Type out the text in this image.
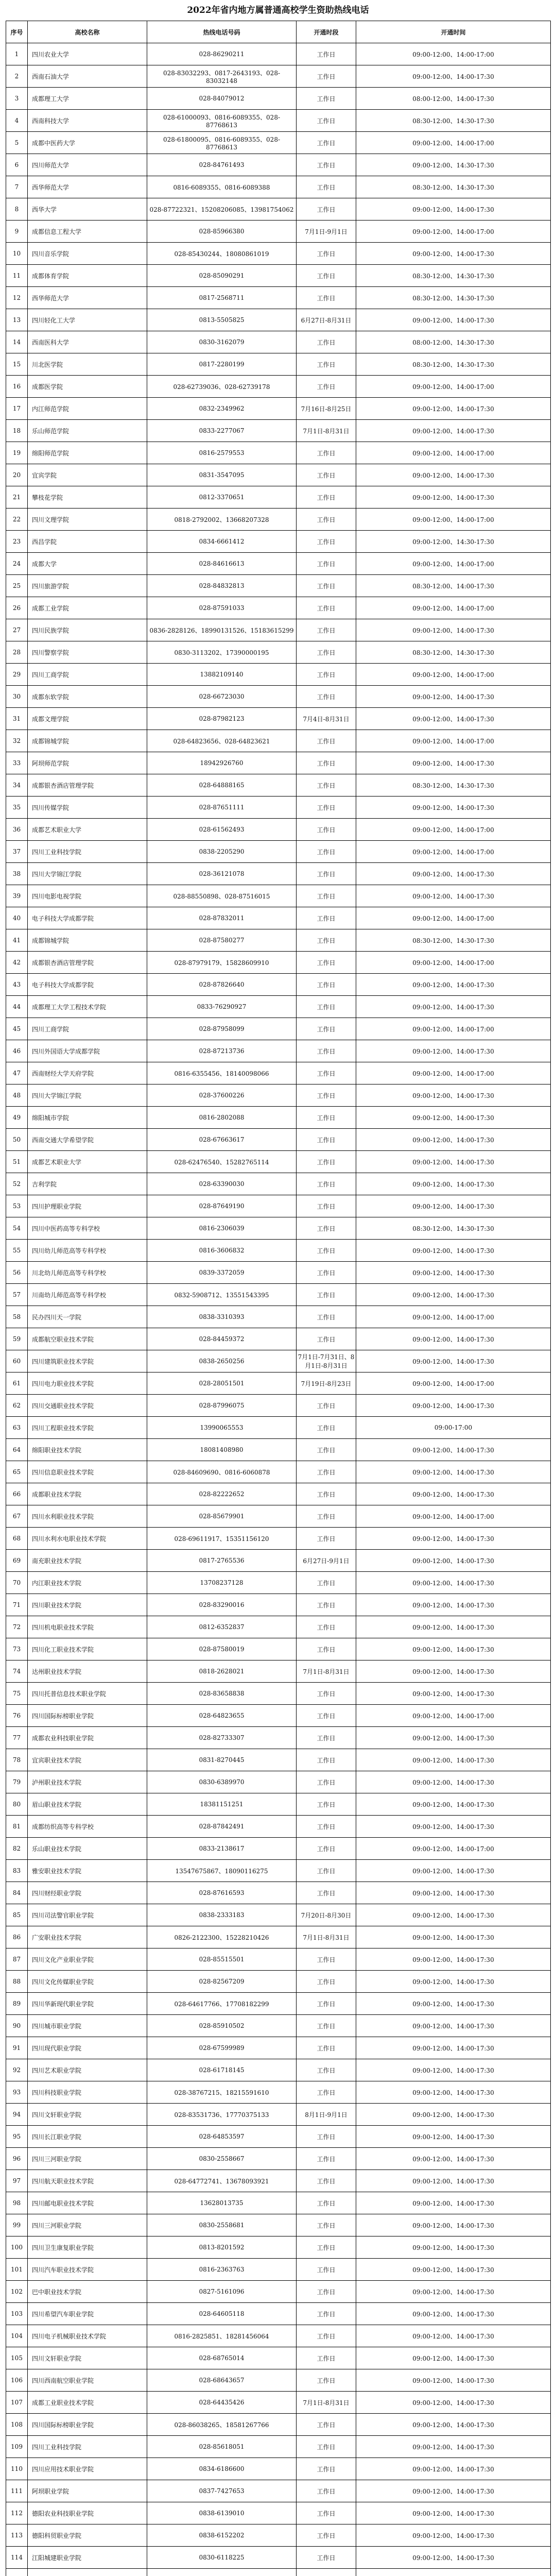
2022年省内地方属普通高校学生资助热线电话
序号	高校名称	热线电话号码	开通时段	开通时间
1	四川农业大学	028-86290211	工作日	09:00-12:00、14:00-17:00
2	西南石油大学	028-83032293、0817-2643193、028-83032148	工作日	09:00-12:00、14:00-17:30
3	成都理工大学	028-84079012	工作日	08:00-12:00、14:00-17:30
4	西南科技大学	028-61000093、0816-6089355、028-87768613	工作日	08:30-12:00、14:30-17:30
5	成都中医药大学	028-61800095、0816-6089355、028-87768613	工作日	09:00-12:00、14:00-17:00
6	四川师范大学	028-84761493	工作日	09:00-12:00、14:30-17:30
7	西华师范大学	0816-6089355、0816-6089388	工作日	08:30-12:00、14:30-17:30
8	西华大学	028-87722321、15208206085、13981754062	工作日	09:00-12:00、14:00-17:30
9	成都信息工程大学	028-85966380	7月1日-9月1日	09:00-12:00、14:00-17:00
10	四川音乐学院	028-85430244、18080861019	工作日	09:00-12:00、14:00-17:30
11	成都体育学院	028-85090291	工作日	08:30-12:00、14:30-17:30
12	西华师范大学	0817-2568711	工作日	08:30-12:00、14:30-17:30
13	四川轻化工大学	0813-5505825	6月27日-8月31日	09:00-12:00、14:00-17:30
14	西南医科大学	0830-3162079	工作日	08:00-12:00、14:30-17:30
15	川北医学院	0817-2280199	工作日	08:30-12:00、14:30-17:30
16	成都医学院	028-62739036、028-62739178	工作日	09:00-12:00、14:00-17:00
17	内江师范学院	0832-2349962	7月16日-8月25日	09:00-12:00、14:00-17:30
18	乐山师范学院	0833-2277067	7月1日-8月31日	09:00-12:00、14:00-17:30
19	绵阳师范学院	0816-2579553	工作日	09:00-12:00、14:00-17:00
20	宜宾学院	0831-3547095	工作日	09:00-12:00、14:00-17:30
21	攀枝花学院	0812-3370651	工作日	09:00-12:00、14:00-17:30
22	四川文理学院	0818-2792002、13668207328	工作日	09:00-12:00、14:00-17:00
23	西昌学院	0834-6661412	工作日	09:00-12:00、14:30-17:30
24	成都大学	028-84616613	工作日	09:00-12:00、14:00-17:00
25	四川旅游学院	028-84832813	工作日	08:30-12:00、14:00-17:30
26	成都工业学院	028-87591033	工作日	09:00-12:00、14:00-17:00
27	四川民族学院	0836-2828126、18990131526、15183615299	工作日	09:00-12:00、14:00-17:30
28	四川警察学院	0830-3113202、17390000195	工作日	08:30-12:00、14:30-17:30
29	四川工商学院	13882109140	工作日	09:00-12:00、14:00-17:00
30	成都东软学院	028-66723030	工作日	09:00-12:00、14:00-17:30
31	成都文理学院	028-87982123	7月4日-8月31日	09:00-12:00、14:00-17:30
32	成都锦城学院	028-64823656、028-64823621	工作日	09:00-12:00、14:00-17:00
33	阿坝师范学院	18942926760	工作日	09:00-12:00、14:00-17:30
34	成都银杏酒店管理学院	028-64888165	工作日	08:30-12:00、14:30-17:30
35	四川传媒学院	028-87651111	工作日	09:00-12:00、14:00-17:30
36	成都艺术职业大学	028-61562493	工作日	09:00-12:00、14:00-17:00
37	四川工业科技学院	0838-2205290	工作日	09:00-12:00、14:00-17:00
38	四川大学锦江学院	028-36121078	工作日	09:00-12:00、14:00-17:30
39	四川电影电视学院	028-88550898、028-87516015	工作日	09:00-12:00、14:00-17:30
40	电子科技大学成都学院	028-87832011	工作日	09:00-12:00、14:00-17:00
41	成都锦城学院	028-87580277	工作日	08:30-12:00、14:30-17:30
42	成都银杏酒店管理学院	028-87979179、15828609910	工作日	09:00-12:00、14:00-17:00
43	电子科技大学成都学院	028-87826640	工作日	09:00-12:00、14:00-17:30
44	成都理工大学工程技术学院	0833-76290927	工作日	09:00-12:00、14:00-17:30
45	四川工商学院	028-87958099	工作日	09:00-12:00、14:00-17:00
46	四川外国语大学成都学院	028-87213736	工作日	09:00-12:00、14:00-17:30
47	西南财经大学天府学院	0816-6355456、18140098066	工作日	09:00-12:00、14:00-17:00
48	四川大学锦江学院	028-37600226	工作日	09:00-12:00、14:00-17:30
49	绵阳城市学院	0816-2802088	工作日	09:00-12:00、14:00-17:30
50	西南交通大学希望学院	028-67663617	工作日	09:00-12:00、14:00-17:30
51	成都艺术职业大学	028-62476540、15282765114	工作日	09:00-12:00、14:00-17:30
52	吉利学院	028-63390030	工作日	09:00-12:00、14:00-17:30
53	四川护理职业学院	028-87649190	工作日	09:00-12:00、14:00-17:30
54	四川中医药高等专科学校	0816-2306039	工作日	08:30-12:00、14:30-17:30
55	四川幼儿师范高等专科学校	0816-3606832	工作日	09:00-12:00、14:00-17:30
56	川北幼儿师范高等专科学校	0839-3372059	工作日	09:00-12:00、14:00-17:30
57	川南幼儿师范高等专科学校	0832-5908712、13551543395	工作日	09:00-12:00、14:00-17:30
58	民办四川天一学院	0838-3310393	工作日	09:00-12:00、14:00-17:00
59	成都航空职业技术学院	028-84459372	工作日	09:00-12:00、14:00-17:30
60	四川建筑职业技术学院	0838-2650256	7月1日-7月31日、8月1日-8月31日	09:00-12:00、14:00-17:30
61	四川电力职业技术学院	028-28051501	7月19日-8月23日	09:00-12:00、14:00-17:00
62	四川交通职业技术学院	028-87996075	工作日	09:00-12:00、14:00-17:30
63	四川工程职业技术学院	13990065553	工作日	09:00-17:00
64	绵阳职业技术学院	18081408980	工作日	09:00-12:00、14:00-17:30
65	四川信息职业技术学院	028-84609690、0816-6060878	工作日	09:00-12:00、14:00-17:30
66	成都职业技术学院	028-82222652	工作日	09:00-12:00、14:00-17:30
67	四川水利职业技术学院	028-85679901	工作日	09:00-12:00、14:00-17:00
68	四川水利水电职业技术学院	028-69611917、15351156120	工作日	09:00-12:00、14:00-17:30
69	南充职业技术学院	0817-2765536	6月27日-9月1日	09:00-12:00、14:00-17:30
70	内江职业技术学院	13708237128	工作日	09:00-12:00、14:00-17:30
71	四川职业技术学院	028-83290016	工作日	09:00-12:00、14:00-17:30
72	四川机电职业技术学院	0812-6352837	工作日	09:00-12:00、14:00-17:30
73	四川化工职业技术学院	028-87580019	工作日	09:00-12:00、14:00-17:30
74	达州职业技术学院	0818-2628021	7月1日-8月31日	09:00-12:00、14:00-17:30
75	四川托普信息技术职业学院	028-83658838	工作日	09:00-12:00、14:00-17:30
76	四川国际标榜职业学院	028-64823655	工作日	09:00-12:00、14:00-17:00
77	成都农业科技职业学院	028-82733307	工作日	09:00-12:00、14:00-17:30
78	宜宾职业技术学院	0831-8270445	工作日	09:00-12:00、14:00-17:30
79	泸州职业技术学院	0830-6389970	工作日	09:00-12:00、14:00-17:30
80	眉山职业技术学院	18381151251	工作日	09:00-12:00、14:00-17:30
81	成都纺织高等专科学校	028-87842491	工作日	09:00-12:00、14:00-17:30
82	乐山职业技术学院	0833-2138617	工作日	09:00-12:00、14:00-17:00
83	雅安职业技术学院	13547675867、18090116275	工作日	09:00-12:00、14:00-17:30
84	四川财经职业学院	028-87616593	工作日	09:00-12:00、14:00-17:30
85	四川司法警官职业学院	0838-2333183	7月20日-8月30日	09:00-12:00、14:00-17:30
86	广安职业技术学院	0826-2122300、15228210426	7月1日-8月31日	09:00-12:00、14:00-17:30
87	四川文化产业职业学院	028-85515501	工作日	09:00-12:00、14:00-17:30
88	四川文化传媒职业学院	028-82567209	工作日	09:00-12:00、14:00-17:30
89	四川华新现代职业学院	028-64617766、17708182299	工作日	09:00-12:00、14:00-17:30
90	四川城市职业学院	028-85910502	工作日	09:00-12:00、14:00-17:30
91	四川现代职业学院	028-67599989	工作日	09:00-12:00、14:00-17:30
92	四川艺术职业学院	028-61718145	工作日	09:00-12:00、14:00-17:30
93	四川科技职业学院	028-38767215、18215591610	工作日	09:00-12:00、14:00-17:30
94	四川文轩职业学院	028-83531736、17770375133	8月1日-9月1日	09:00-12:00、14:00-17:30
95	四川长江职业学院	028-64853597	工作日	09:00-12:00、14:00-17:30
96	四川三河职业学院	0830-2558667	工作日	09:00-12:00、14:00-17:30
97	四川航天职业技术学院	028-64772741、13678093921	工作日	09:00-12:00、14:00-17:30
98	四川邮电职业技术学院	13628013735	工作日	09:00-12:00、14:00-17:30
99	四川三河职业学院	0830-2558681	工作日	09:00-12:00、14:00-17:30
100	四川卫生康复职业学院	0813-8201592	工作日	09:00-12:00、14:00-17:30
101	四川汽车职业技术学院	0816-2363763	工作日	09:00-12:00、14:00-17:30
102	巴中职业技术学院	0827-5161096	工作日	09:00-12:00、14:00-17:30
103	四川希望汽车职业学院	028-64605118	工作日	09:00-12:00、14:00-17:30
104	四川电子机械职业技术学院	0816-2825851、18281456064	工作日	09:00-12:00、14:00-17:30
105	四川文轩职业学院	028-68765014	工作日	09:00-12:00、14:00-17:30
106	四川西南航空职业学院	028-68643657	工作日	09:00-12:00、14:00-17:30
107	成都工业职业技术学院	028-64435426	7月1日-8月31日	09:00-12:00、14:00-17:30
108	四川国际标榜职业学院	028-86038265、18581267766	工作日	09:00-12:00、14:00-17:30
109	四川工业科技学院	028-85618051	工作日	09:00-12:00、14:00-17:30
110	四川应用技术职业学院	0834-6186600	工作日	09:00-12:00、14:00-17:30
111	阿坝职业学院	0837-7427653	工作日	09:00-12:00、14:00-17:30
112	德阳农业科技职业学院	0838-6139010	工作日	09:00-12:00、14:00-17:30
113	德阳科贸职业学院	0838-6152202	工作日	09:00-12:00、14:00-17:30
114	江阳城建职业学院	0830-6118225	工作日	09:00-12:00、14:00-17:30
